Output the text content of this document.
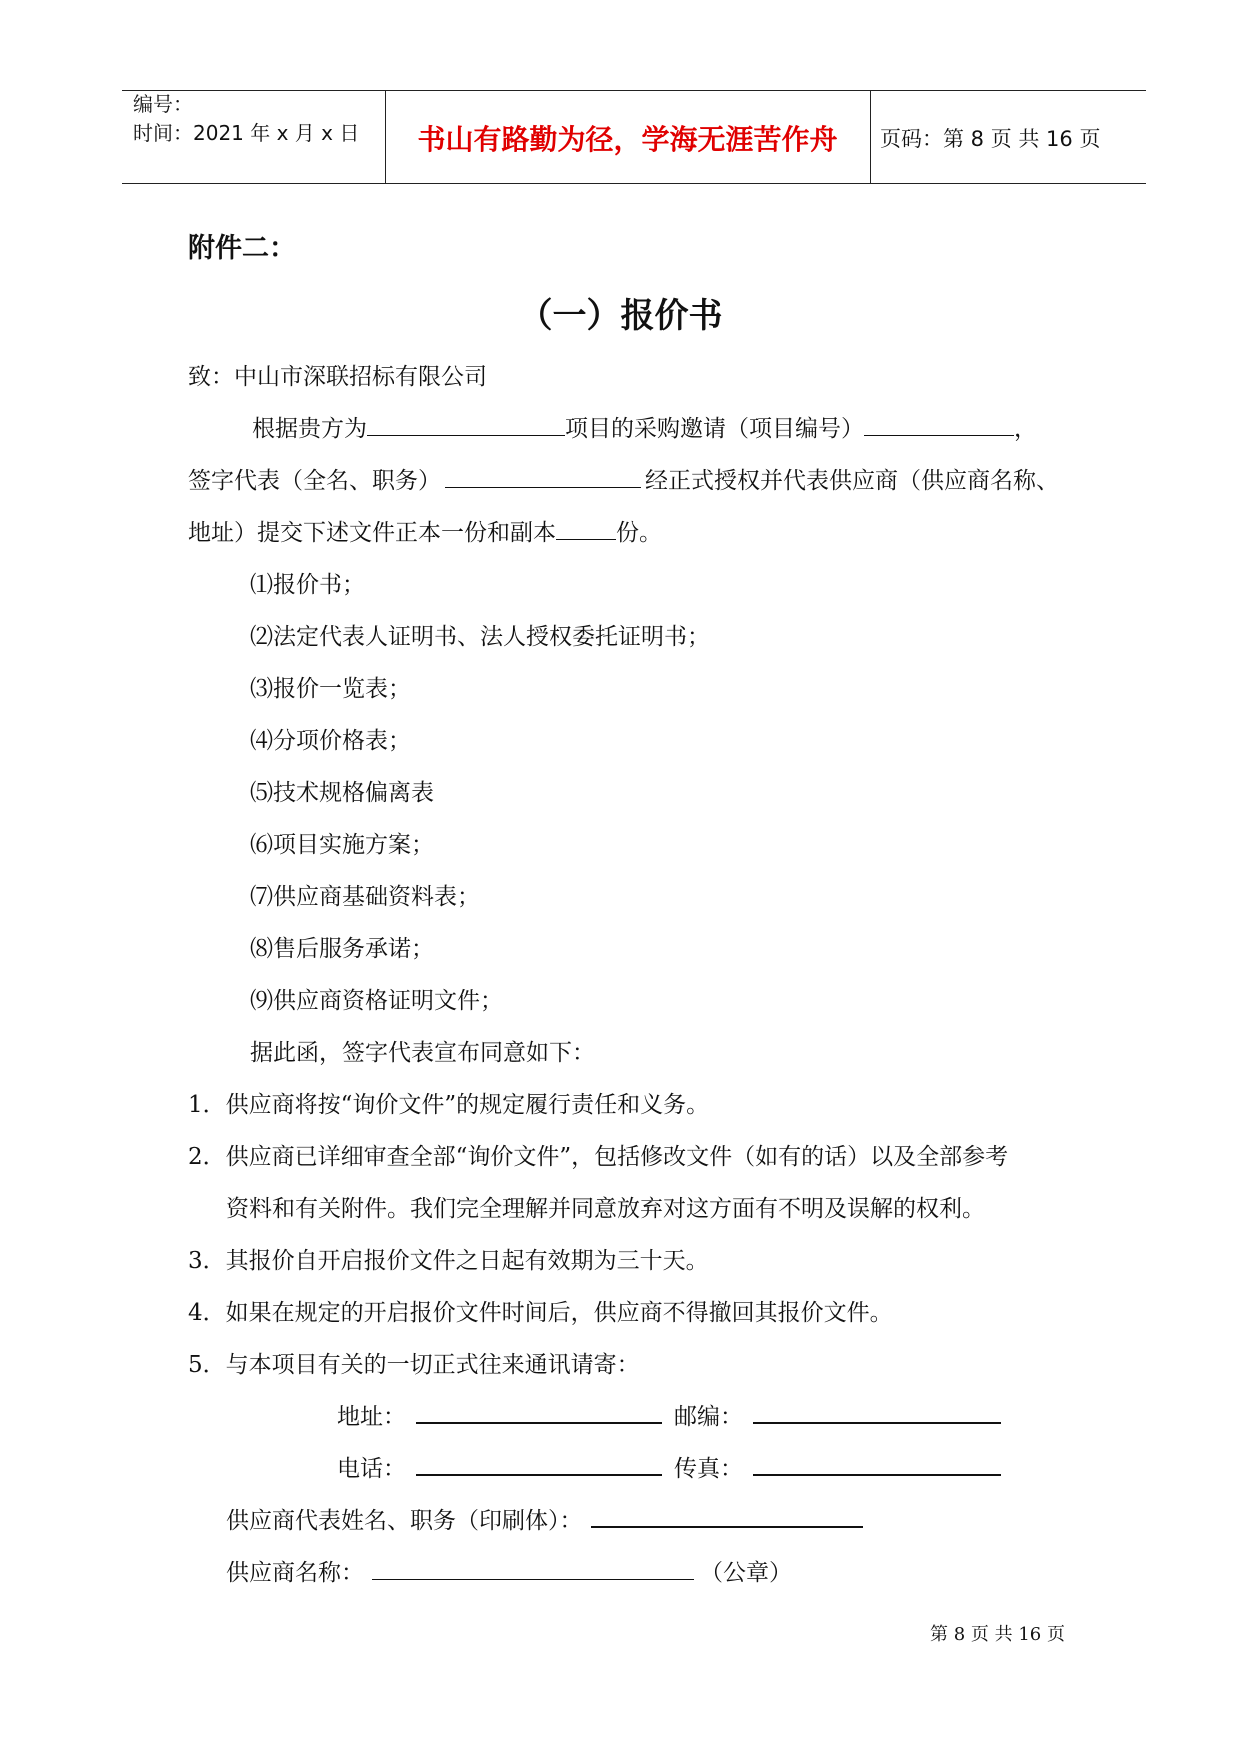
编号：
时间：2021 年 x 月 x 日	书山有路勤为径，学海无涯苦作舟	页码：第 8 页 共 16 页
附件二：
（一）报价书
致：中山市深联招标有限公司
根据贵方为	项目的采购邀请（项目编号）	，
签字代表（全名、职务）	经正式授权并代表供应商（供应商名称、
地址）提交下述文件正本一份和副本	份。
⑴报价书；
⑵法定代表人证明书、法人授权委托证明书；
⑶报价一览表；
⑷分项价格表；
⑸技术规格偏离表
⑹项目实施方案；
⑺供应商基础资料表；
⑻售后服务承诺；
⑼供应商资格证明文件；
据此函，签字代表宣布同意如下：
1．供应商将按“询价文件”的规定履行责任和义务。
2．供应商已详细审查全部“询价文件”，包括修改文件（如有的话）以及全部参考
资料和有关附件。我们完全理解并同意放弃对这方面有不明及误解的权利。
3．其报价自开启报价文件之日起有效期为三十天。
4．如果在规定的开启报价文件时间后，供应商不得撤回其报价文件。
5．与本项目有关的一切正式往来通讯请寄：
地址：	邮编：
电话：	传真：
供应商代表姓名、职务（印刷体）：
供应商名称：	（公章）
第 8 页 共 16 页
